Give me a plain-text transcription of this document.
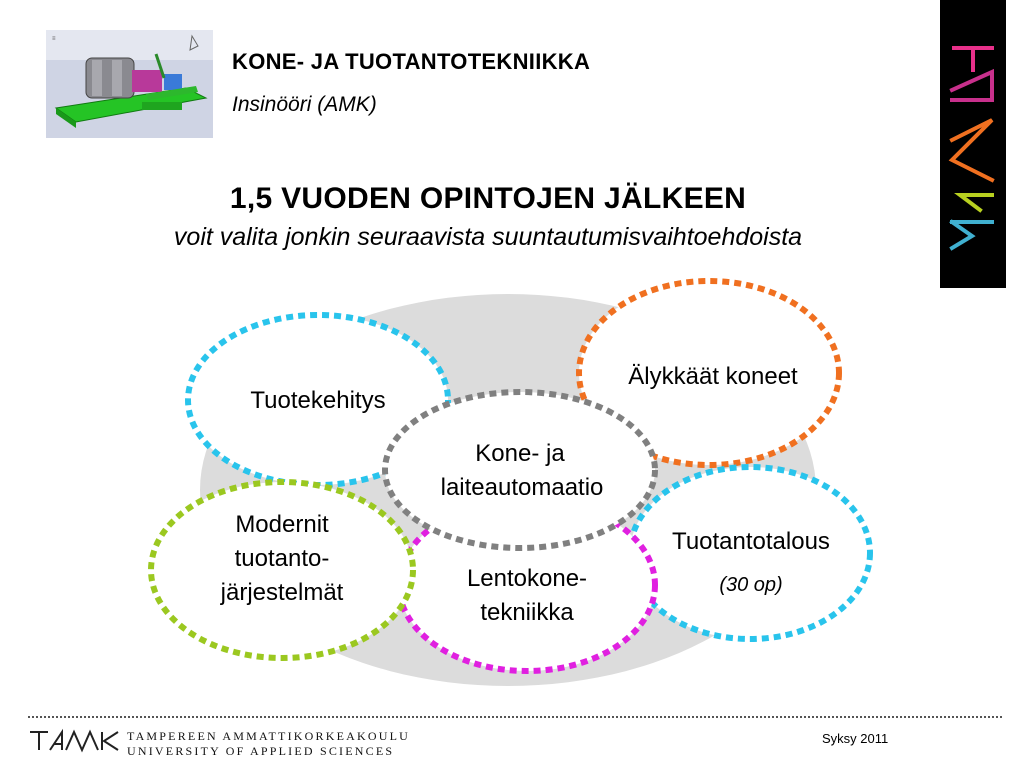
≡
KONE- JA TUOTANTOTEKNIIKKA
Insinööri (AMK)
1,5 VUODEN OPINTOJEN JÄLKEEN
voit valita jonkin seuraavista suuntautumisvaihtoehdoista
Tuotekehitys
Älykkäät koneet
Tuotantotalous
(30 op)
Lentokone-
tekniikka
Modernit
tuotanto-
järjestelmät
Kone- ja
laiteautomaatio
TAMPEREEN AMMATTIKORKEAKOULU
UNIVERSITY OF APPLIED SCIENCES
Syksy 2011
